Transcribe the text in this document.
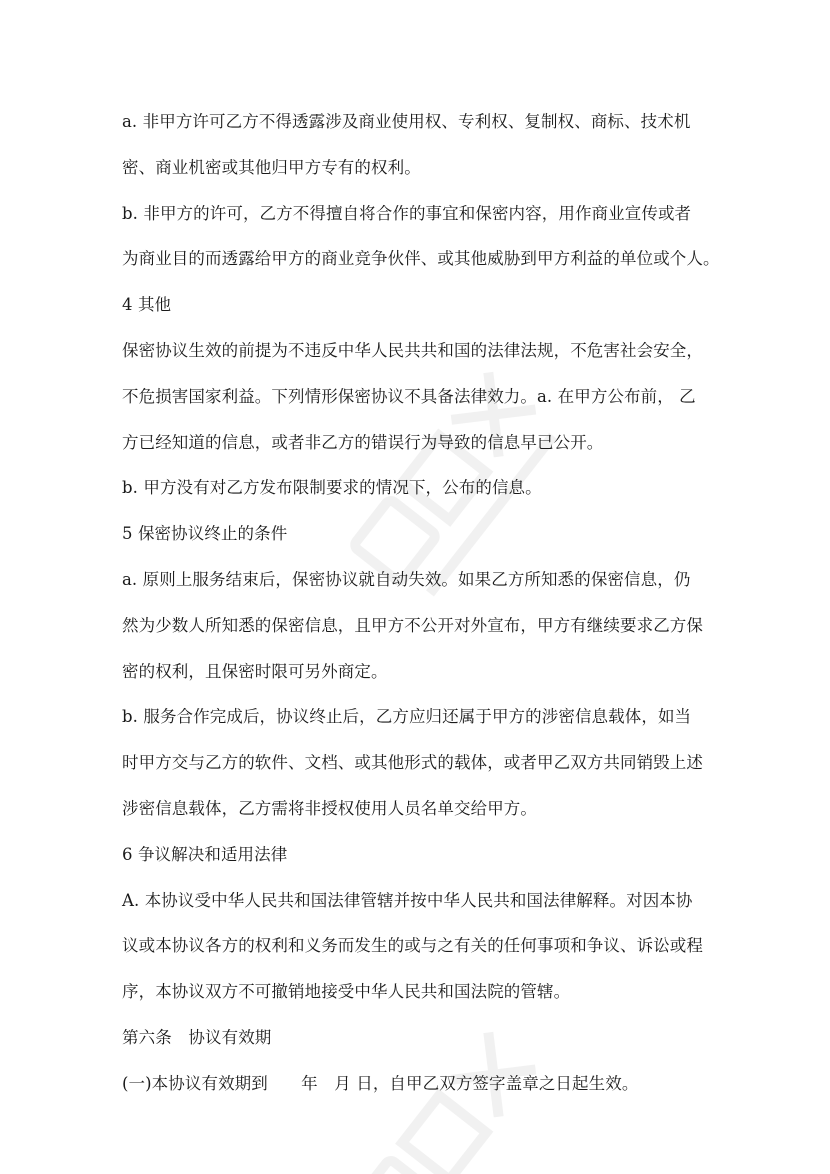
a. 非甲方许可乙方不得透露涉及商业使用权、专利权、复制权、商标、技术机
密、商业机密或其他归甲方专有的权利。

b. 非甲方的许可，乙方不得擅自将合作的事宜和保密内容，用作商业宣传或者
为商业目的而透露给甲方的商业竞争伙伴、或其他威胁到甲方利益的单位或个人。

4 其他

保密协议生效的前提为不违反中华人民共共和国的法律法规，不危害社会安全，
不危损害国家利益。下列情形保密协议不具备法律效力。a. 在甲方公布前， 乙
方已经知道的信息，或者非乙方的错误行为导致的信息早已公开。

b. 甲方没有对乙方发布限制要求的情况下，公布的信息。

5 保密协议终止的条件

a. 原则上服务结束后，保密协议就自动失效。如果乙方所知悉的保密信息，仍
然为少数人所知悉的保密信息，且甲方不公开对外宣布，甲方有继续要求乙方保
密的权利，且保密时限可另外商定。

b. 服务合作完成后，协议终止后，乙方应归还属于甲方的涉密信息载体，如当
时甲方交与乙方的软件、文档、或其他形式的载体，或者甲乙双方共同销毁上述
涉密信息载体，乙方需将非授权使用人员名单交给甲方。

6 争议解决和适用法律

A. 本协议受中华人民共和国法律管辖并按中华人民共和国法律解释。对因本协
议或本协议各方的权利和义务而发生的或与之有关的任何事项和争议、诉讼或程
序，本协议双方不可撤销地接受中华人民共和国法院的管辖。

第六条　协议有效期

(一)本协议有效期到　　年　月 日，自甲乙双方签字盖章之日起生效。
